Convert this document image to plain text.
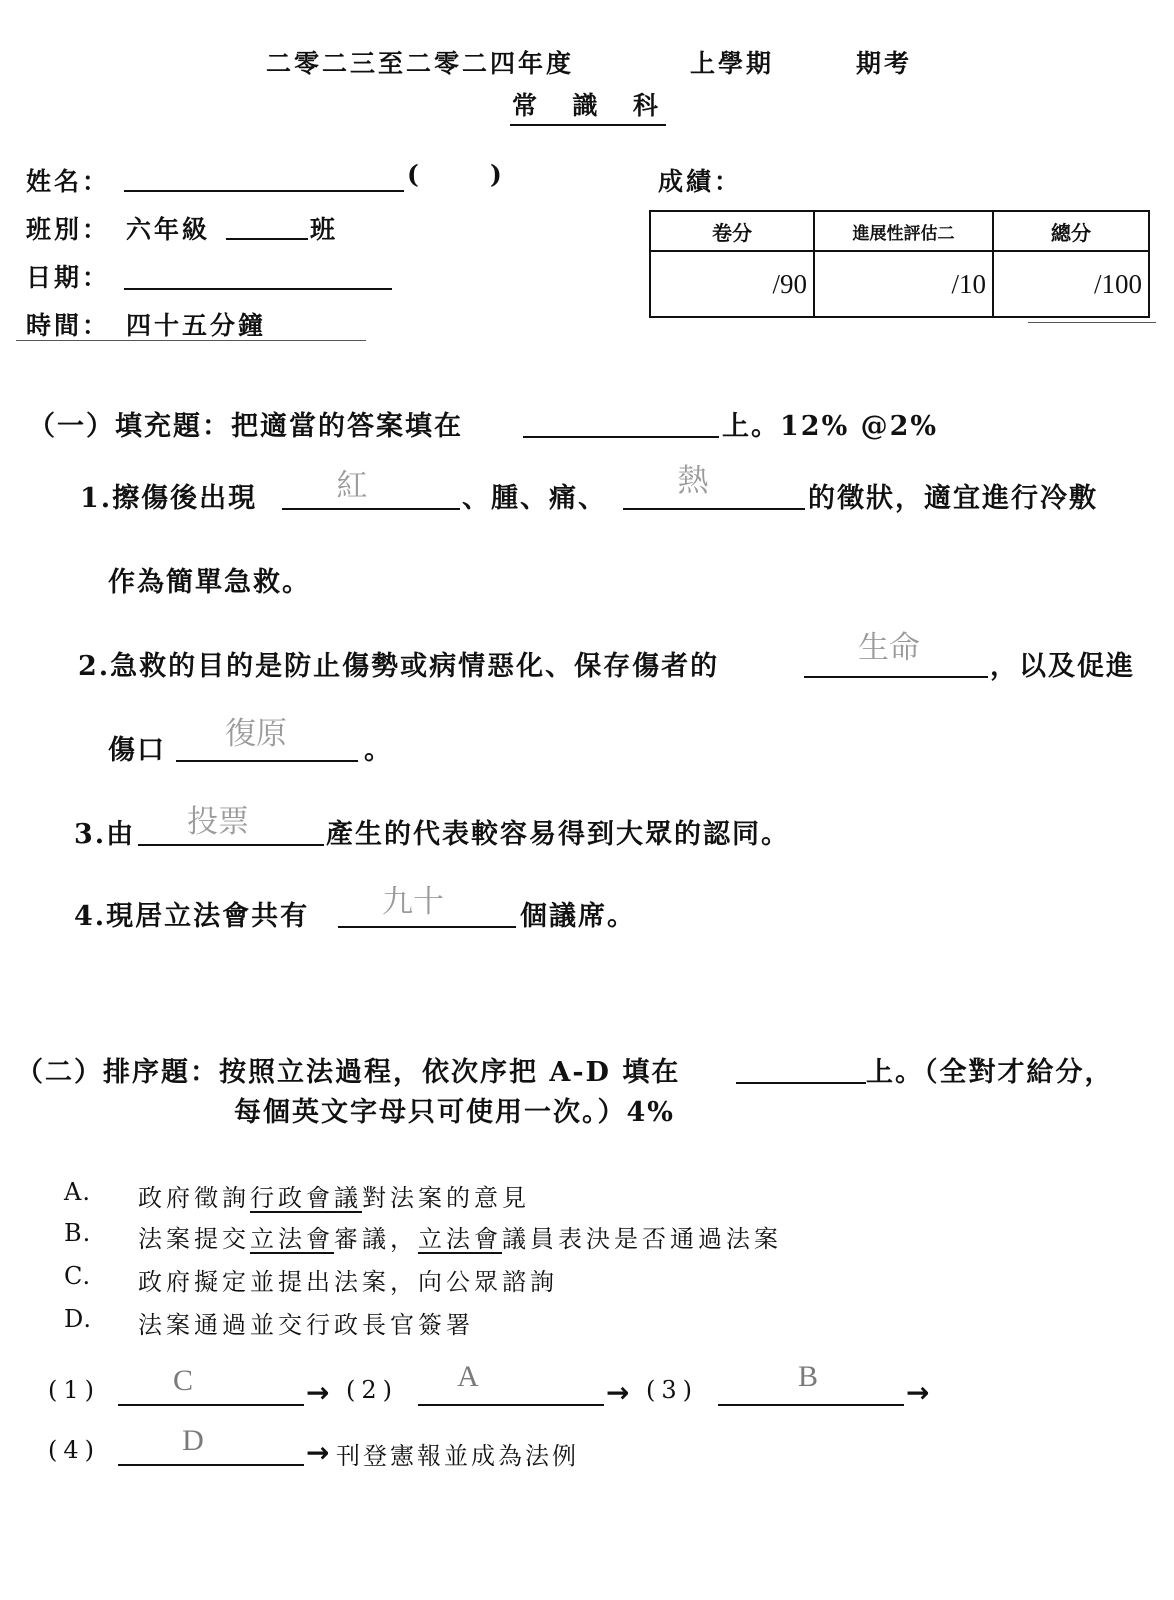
二零二三至二零二四年度	上學期	期考
常  識  科
姓名：	(	)
班別： 六年級	班
日期：
時間： 四十五分鐘
成績：
卷分	進展性評估二	總分
/90	/10	/100
（一）填充題：把適當的答案填在	上。12% @2%
1.擦傷後出現	紅	、腫、痛、	熱	的徵狀，適宜進行冷敷
作為簡單急救。
2.急救的目的是防止傷勢或病情惡化、保存傷者的
生命
，以及促進
傷口	復原	。
3.由	投票	產生的代表較容易得到大眾的認同。
4.現居立法會共有	九十	個議席。
（二）排序題：按照立法過程，依次序把 A-D 填在	上。（全對才給分，
每個英文字母只可使用一次。）4%
A. 政府徵詢行政會議對法案的意見
B. 法案提交立法會審議，立法會議員表決是否通過法案
C. 政府擬定並提出法案，向公眾諮詢
D. 法案通過並交行政長官簽署
(1)	C	→ (2)	A	→ (3)	B	→
(4)	D	→ 刊登憲報並成為法例
